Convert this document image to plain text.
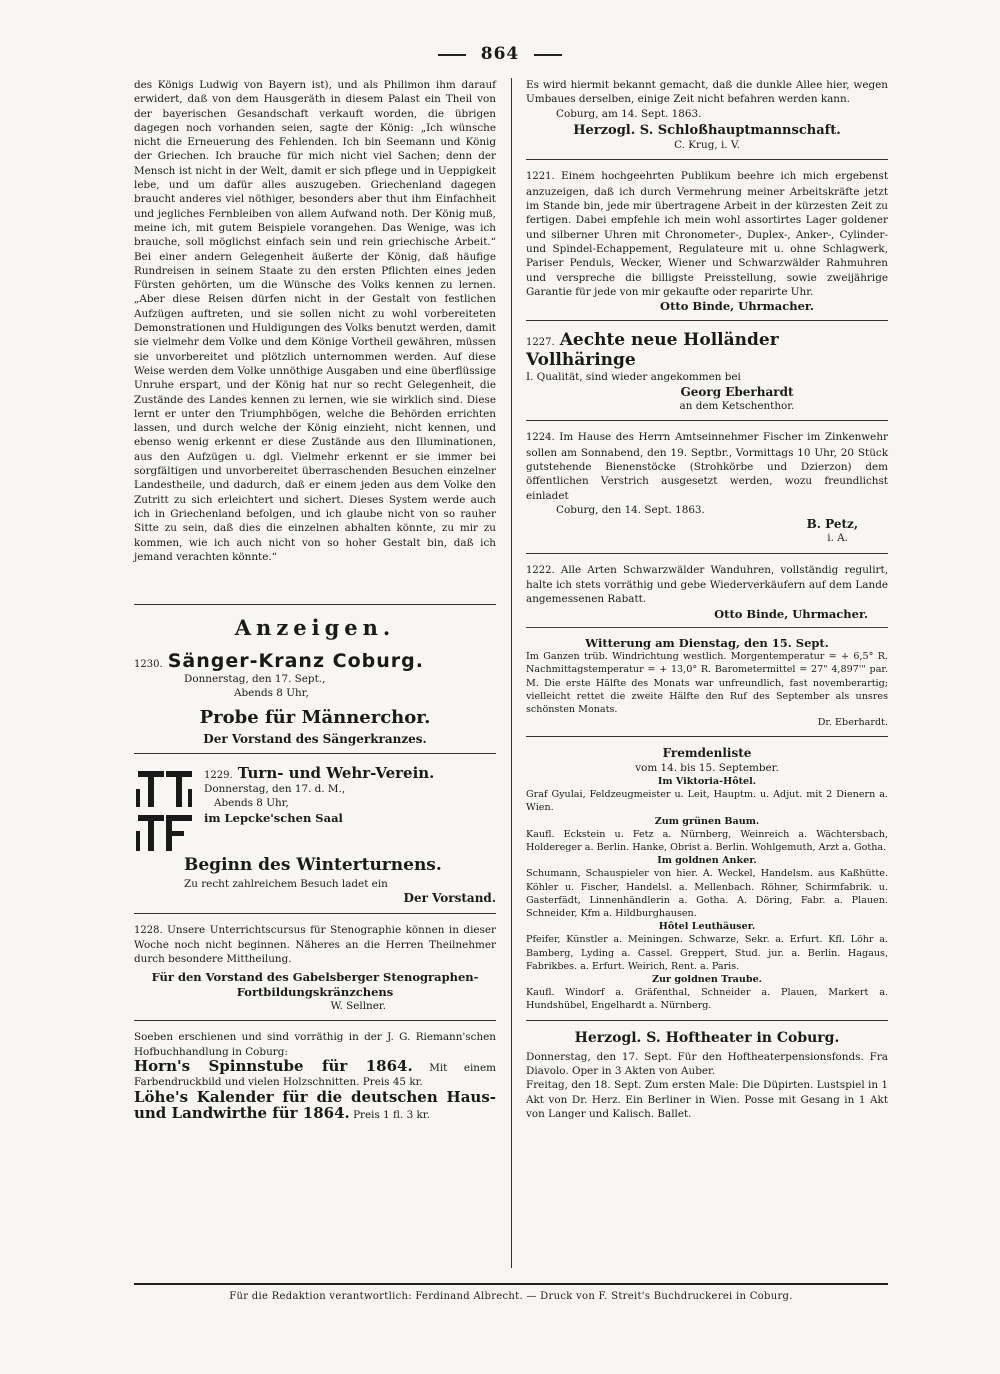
864

des Königs Ludwig von Bayern ist), und als Philimon ihm darauf erwidert, daß von dem Hausgeräth in diesem Palast ein Theil von der bayerischen Gesandschaft verkauft worden, die übrigen dagegen noch vorhanden seien, sagte der König: „Ich wünsche nicht die Erneuerung des Fehlenden. Ich bin Seemann und König der Griechen. Ich brauche für mich nicht viel Sachen; denn der Mensch ist nicht in der Welt, damit er sich pflege und in Ueppigkeit lebe, und um dafür alles auszugeben. Griechenland dagegen braucht anderes viel nöthiger, besonders aber thut ihm Einfachheit und jegliches Fernbleiben von allem Aufwand noth. Der König muß, meine ich, mit gutem Beispiele vorangehen. Das Wenige, was ich brauche, soll möglichst einfach sein und rein griechische Arbeit.“ Bei einer andern Gelegenheit äußerte der König, daß häufige Rundreisen in seinem Staate zu den ersten Pflichten eines jeden Fürsten gehörten, um die Wünsche des Volks kennen zu lernen. „Aber diese Reisen dürfen nicht in der Gestalt von festlichen Aufzügen auftreten, und sie sollen nicht zu wohl vorbereiteten Demonstrationen und Huldigungen des Volks benutzt werden, damit sie vielmehr dem Volke und dem Könige Vortheil gewähren, müssen sie unvorbereitet und plötzlich unternommen werden. Auf diese Weise werden dem Volke unnöthige Ausgaben und eine überflüssige Unruhe erspart, und der König hat nur so recht Gelegenheit, die Zustände des Landes kennen zu lernen, wie sie wirklich sind. Diese lernt er unter den Triumphbögen, welche die Behörden errichten lassen, und durch welche der König einzieht, nicht kennen, und ebenso wenig erkennt er diese Zustände aus den Illuminationen, aus den Aufzügen u. dgl. Vielmehr erkennt er sie immer bei sorgfältigen und unvorbereitet überraschenden Besuchen einzelner Landestheile, und dadurch, daß er einem jeden aus dem Volke den Zutritt zu sich erleichtert und sichert. Dieses System werde auch ich in Griechenland befolgen, und ich glaube nicht von so rauher Sitte zu sein, daß dies die einzelnen abhalten könnte, zu mir zu kommen, wie ich auch nicht von so hoher Gestalt bin, daß ich jemand verachten könnte.“

Anzeigen.
1230. Sänger-Kranz Coburg.

Donnerstag, den 17. Sept.,

Abends 8 Uhr,

Probe für Männerchor.

Der Vorstand des Sängerkranzes.

1229. Turn- und Wehr-Verein.

Donnerstag, den 17. d. M.,

Abends 8 Uhr,

im Lepcke'schen Saal

Beginn des Winterturnens.

Zu recht zahlreichem Besuch ladet ein

Der Vorstand.

1228. Unsere Unterrichtscursus für Stenographie können in dieser Woche noch nicht beginnen. Näheres an die Herren Theilnehmer durch besondere Mittheilung.

Für den Vorstand des Gabelsberger Stenographen-Fortbildungskränzchens

W. Sellner.

Soeben erschienen und sind vorräthig in der J. G. Riemann'schen Hofbuchhandlung in Coburg:

Horn's Spinnstube für 1864. Mit einem Farbendruckbild und vielen Holzschnitten. Preis 45 kr.

Löhe's Kalender für die deutschen Haus- und Landwirthe für 1864. Preis 1 fl. 3 kr.

Es wird hiermit bekannt gemacht, daß die dunkle Allee hier, wegen Umbaues derselben, einige Zeit nicht befahren werden kann.

Coburg, am 14. Sept. 1863.

Herzogl. S. Schloßhauptmannschaft.

C. Krug, i. V.

1221. Einem hochgeehrten Publikum beehre ich mich ergebenst anzuzeigen, daß ich durch Vermehrung meiner Arbeitskräfte jetzt im Stande bin, jede mir übertragene Arbeit in der kürzesten Zeit zu fertigen. Dabei empfehle ich mein wohl assortirtes Lager goldener und silberner Uhren mit Chronometer-, Duplex-, Anker-, Cylinder- und Spindel-Echappement, Regulateure mit u. ohne Schlagwerk, Pariser Penduls, Wecker, Wiener und Schwarzwälder Rahmuhren und verspreche die billigste Preisstellung, sowie zweijährige Garantie für jede von mir gekaufte oder reparirte Uhr.

Otto Binde, Uhrmacher.

1227. Aechte neue Holländer Vollhäringe

I. Qualität, sind wieder angekommen bei

Georg Eberhardt

an dem Ketschenthor.

1224. Im Hause des Herrn Amtseinnehmer Fischer im Zinkenwehr sollen am Sonnabend, den 19. Septbr., Vormittags 10 Uhr, 20 Stück gutstehende Bienenstöcke (Strohkörbe und Dzierzon) dem öffentlichen Verstrich ausgesetzt werden, wozu freundlichst einladet

Coburg, den 14. Sept. 1863.

B. Petz,

i. A.

1222. Alle Arten Schwarzwälder Wanduhren, vollständig regulirt, halte ich stets vorräthig und gebe Wiederverkäufern auf dem Lande angemessenen Rabatt.

Otto Binde, Uhrmacher.

Witterung am Dienstag, den 15. Sept.

Im Ganzen trüb. Windrichtung westlich. Morgentemperatur = + 6,5° R. Nachmittagstemperatur = + 13,0° R. Barometermittel = 27" 4,897'" par. M. Die erste Hälfte des Monats war unfreundlich, fast novemberartig; vielleicht rettet die zweite Hälfte den Ruf des September als unsres schönsten Monats.

Dr. Eberhardt.

Fremdenliste

vom 14. bis 15. September.

Im Viktoria-Hôtel.

Graf Gyulai, Feldzeugmeister u. Leit, Hauptm. u. Adjut. mit 2 Dienern a. Wien.

Zum grünen Baum.

Kaufl. Eckstein u. Fetz a. Nürnberg, Weinreich a. Wächtersbach, Holdereger a. Berlin. Hanke, Obrist a. Berlin. Wohlgemuth, Arzt a. Gotha.

Im goldnen Anker.

Schumann, Schauspieler von hier. A. Weckel, Handelsm. aus Kaßhütte. Köhler u. Fischer, Handelsl. a. Mellenbach. Röhner, Schirmfabrik. u. Gasterfädt, Linnenhändlerin a. Gotha. A. Döring, Fabr. a. Plauen. Schneider, Kfm a. Hildburghausen.

Hôtel Leuthäuser.

Pfeifer, Künstler a. Meiningen. Schwarze, Sekr. a. Erfurt. Kfl. Löhr a. Bamberg, Lyding a. Cassel. Greppert, Stud. jur. a. Berlin. Hagaus, Fabrikbes. a. Erfurt. Weirich, Rent. a. Paris.

Zur goldnen Traube.

Kaufl. Windorf a. Gräfenthal, Schneider a. Plauen, Markert a. Hundshübel, Engelhardt a. Nürnberg.

Herzogl. S. Hoftheater in Coburg.

Donnerstag, den 17. Sept. Für den Hoftheaterpensionsfonds. Fra Diavolo. Oper in 3 Akten von Auber.

Freitag, den 18. Sept. Zum ersten Male: Die Düpirten. Lustspiel in 1 Akt von Dr. Herz. Ein Berliner in Wien. Posse mit Gesang in 1 Akt von Langer und Kalisch. Ballet.

Für die Redaktion verantwortlich: Ferdinand Albrecht. — Druck von F. Streit's Buchdruckerei in Coburg.
